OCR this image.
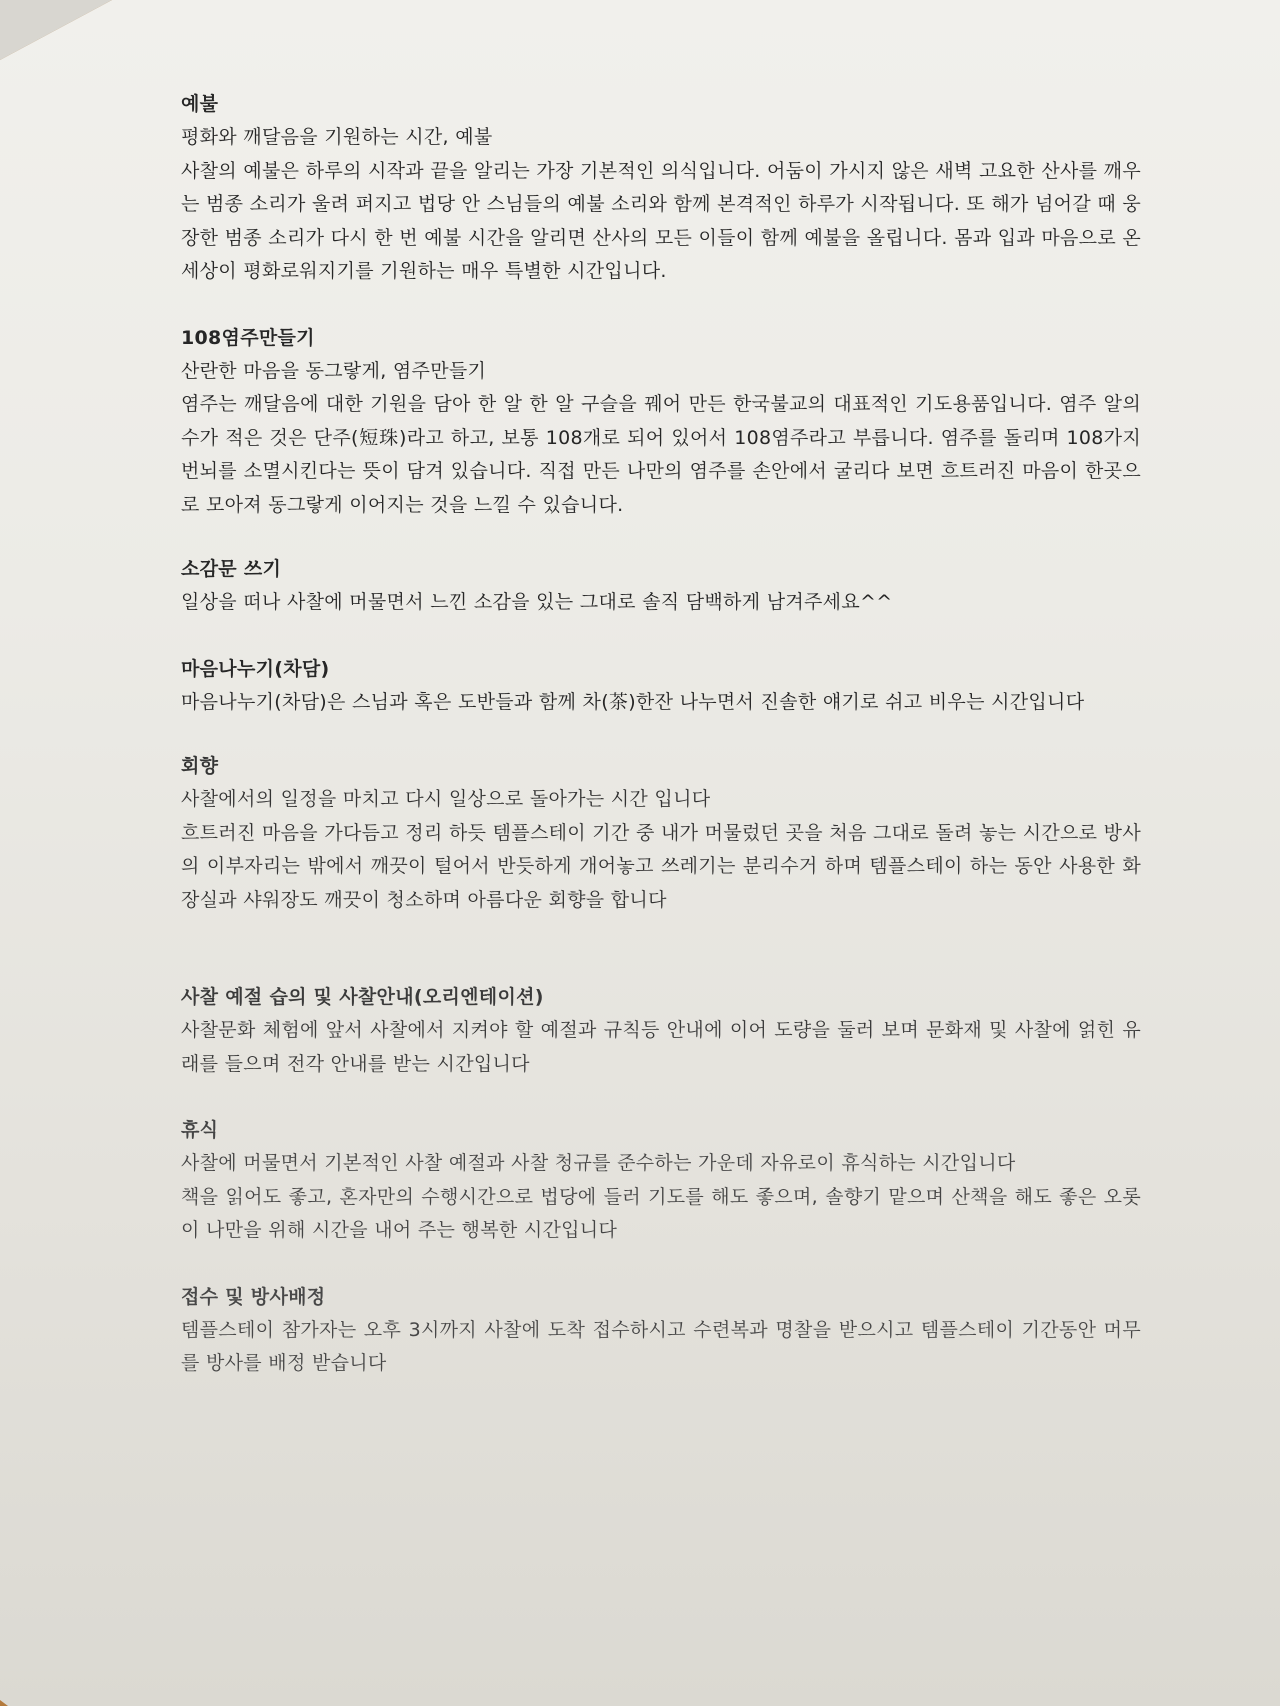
예불

평화와 깨달음을 기원하는 시간, 예불

사찰의 예불은 하루의 시작과 끝을 알리는 가장 기본적인 의식입니다. 어둠이 가시지 않은 새벽 고요한 산사를 깨우는 범종 소리가 울려 퍼지고 법당 안 스님들의 예불 소리와 함께 본격적인 하루가 시작됩니다. 또 해가 넘어갈 때 웅장한 범종 소리가 다시 한 번 예불 시간을 알리면 산사의 모든 이들이 함께 예불을 올립니다. 몸과 입과 마음으로 온 세상이 평화로워지기를 기원하는 매우 특별한 시간입니다.

108염주만들기

산란한 마음을 동그랗게, 염주만들기

염주는 깨달음에 대한 기원을 담아 한 알 한 알 구슬을 꿰어 만든 한국불교의 대표적인 기도용품입니다. 염주 알의 수가 적은 것은 단주(短珠)라고 하고, 보통 108개로 되어 있어서 108염주라고 부릅니다. 염주를 돌리며 108가지 번뇌를 소멸시킨다는 뜻이 담겨 있습니다. 직접 만든 나만의 염주를 손안에서 굴리다 보면 흐트러진 마음이 한곳으로 모아져 동그랗게 이어지는 것을 느낄 수 있습니다.

소감문 쓰기

일상을 떠나 사찰에 머물면서 느낀 소감을 있는 그대로 솔직 담백하게 남겨주세요^^

마음나누기(차담)

마음나누기(차담)은 스님과 혹은 도반들과 함께 차(茶)한잔 나누면서 진솔한 얘기로 쉬고 비우는 시간입니다

회향

사찰에서의 일정을 마치고 다시 일상으로 돌아가는 시간 입니다

흐트러진 마음을 가다듬고 정리 하듯 템플스테이 기간 중 내가 머물렀던 곳을 처음 그대로 돌려 놓는 시간으로 방사의 이부자리는 밖에서 깨끗이 털어서 반듯하게 개어놓고 쓰레기는 분리수거 하며 템플스테이 하는 동안 사용한 화장실과 샤워장도 깨끗이 청소하며 아름다운 회향을 합니다

사찰 예절 습의 및 사찰안내(오리엔테이션)

사찰문화 체험에 앞서 사찰에서 지켜야 할 예절과 규칙등 안내에 이어 도량을 둘러 보며 문화재 및 사찰에 얽힌 유래를 들으며 전각 안내를 받는 시간입니다

휴식

사찰에 머물면서 기본적인 사찰 예절과 사찰 청규를 준수하는 가운데 자유로이 휴식하는 시간입니다

책을 읽어도 좋고, 혼자만의 수행시간으로 법당에 들러 기도를 해도 좋으며, 솔향기 맡으며 산책을 해도 좋은 오롯이 나만을 위해 시간을 내어 주는 행복한 시간입니다

접수 및 방사배정

템플스테이 참가자는 오후 3시까지 사찰에 도착 접수하시고 수련복과 명찰을 받으시고 템플스테이 기간동안 머무를 방사를 배정 받습니다
